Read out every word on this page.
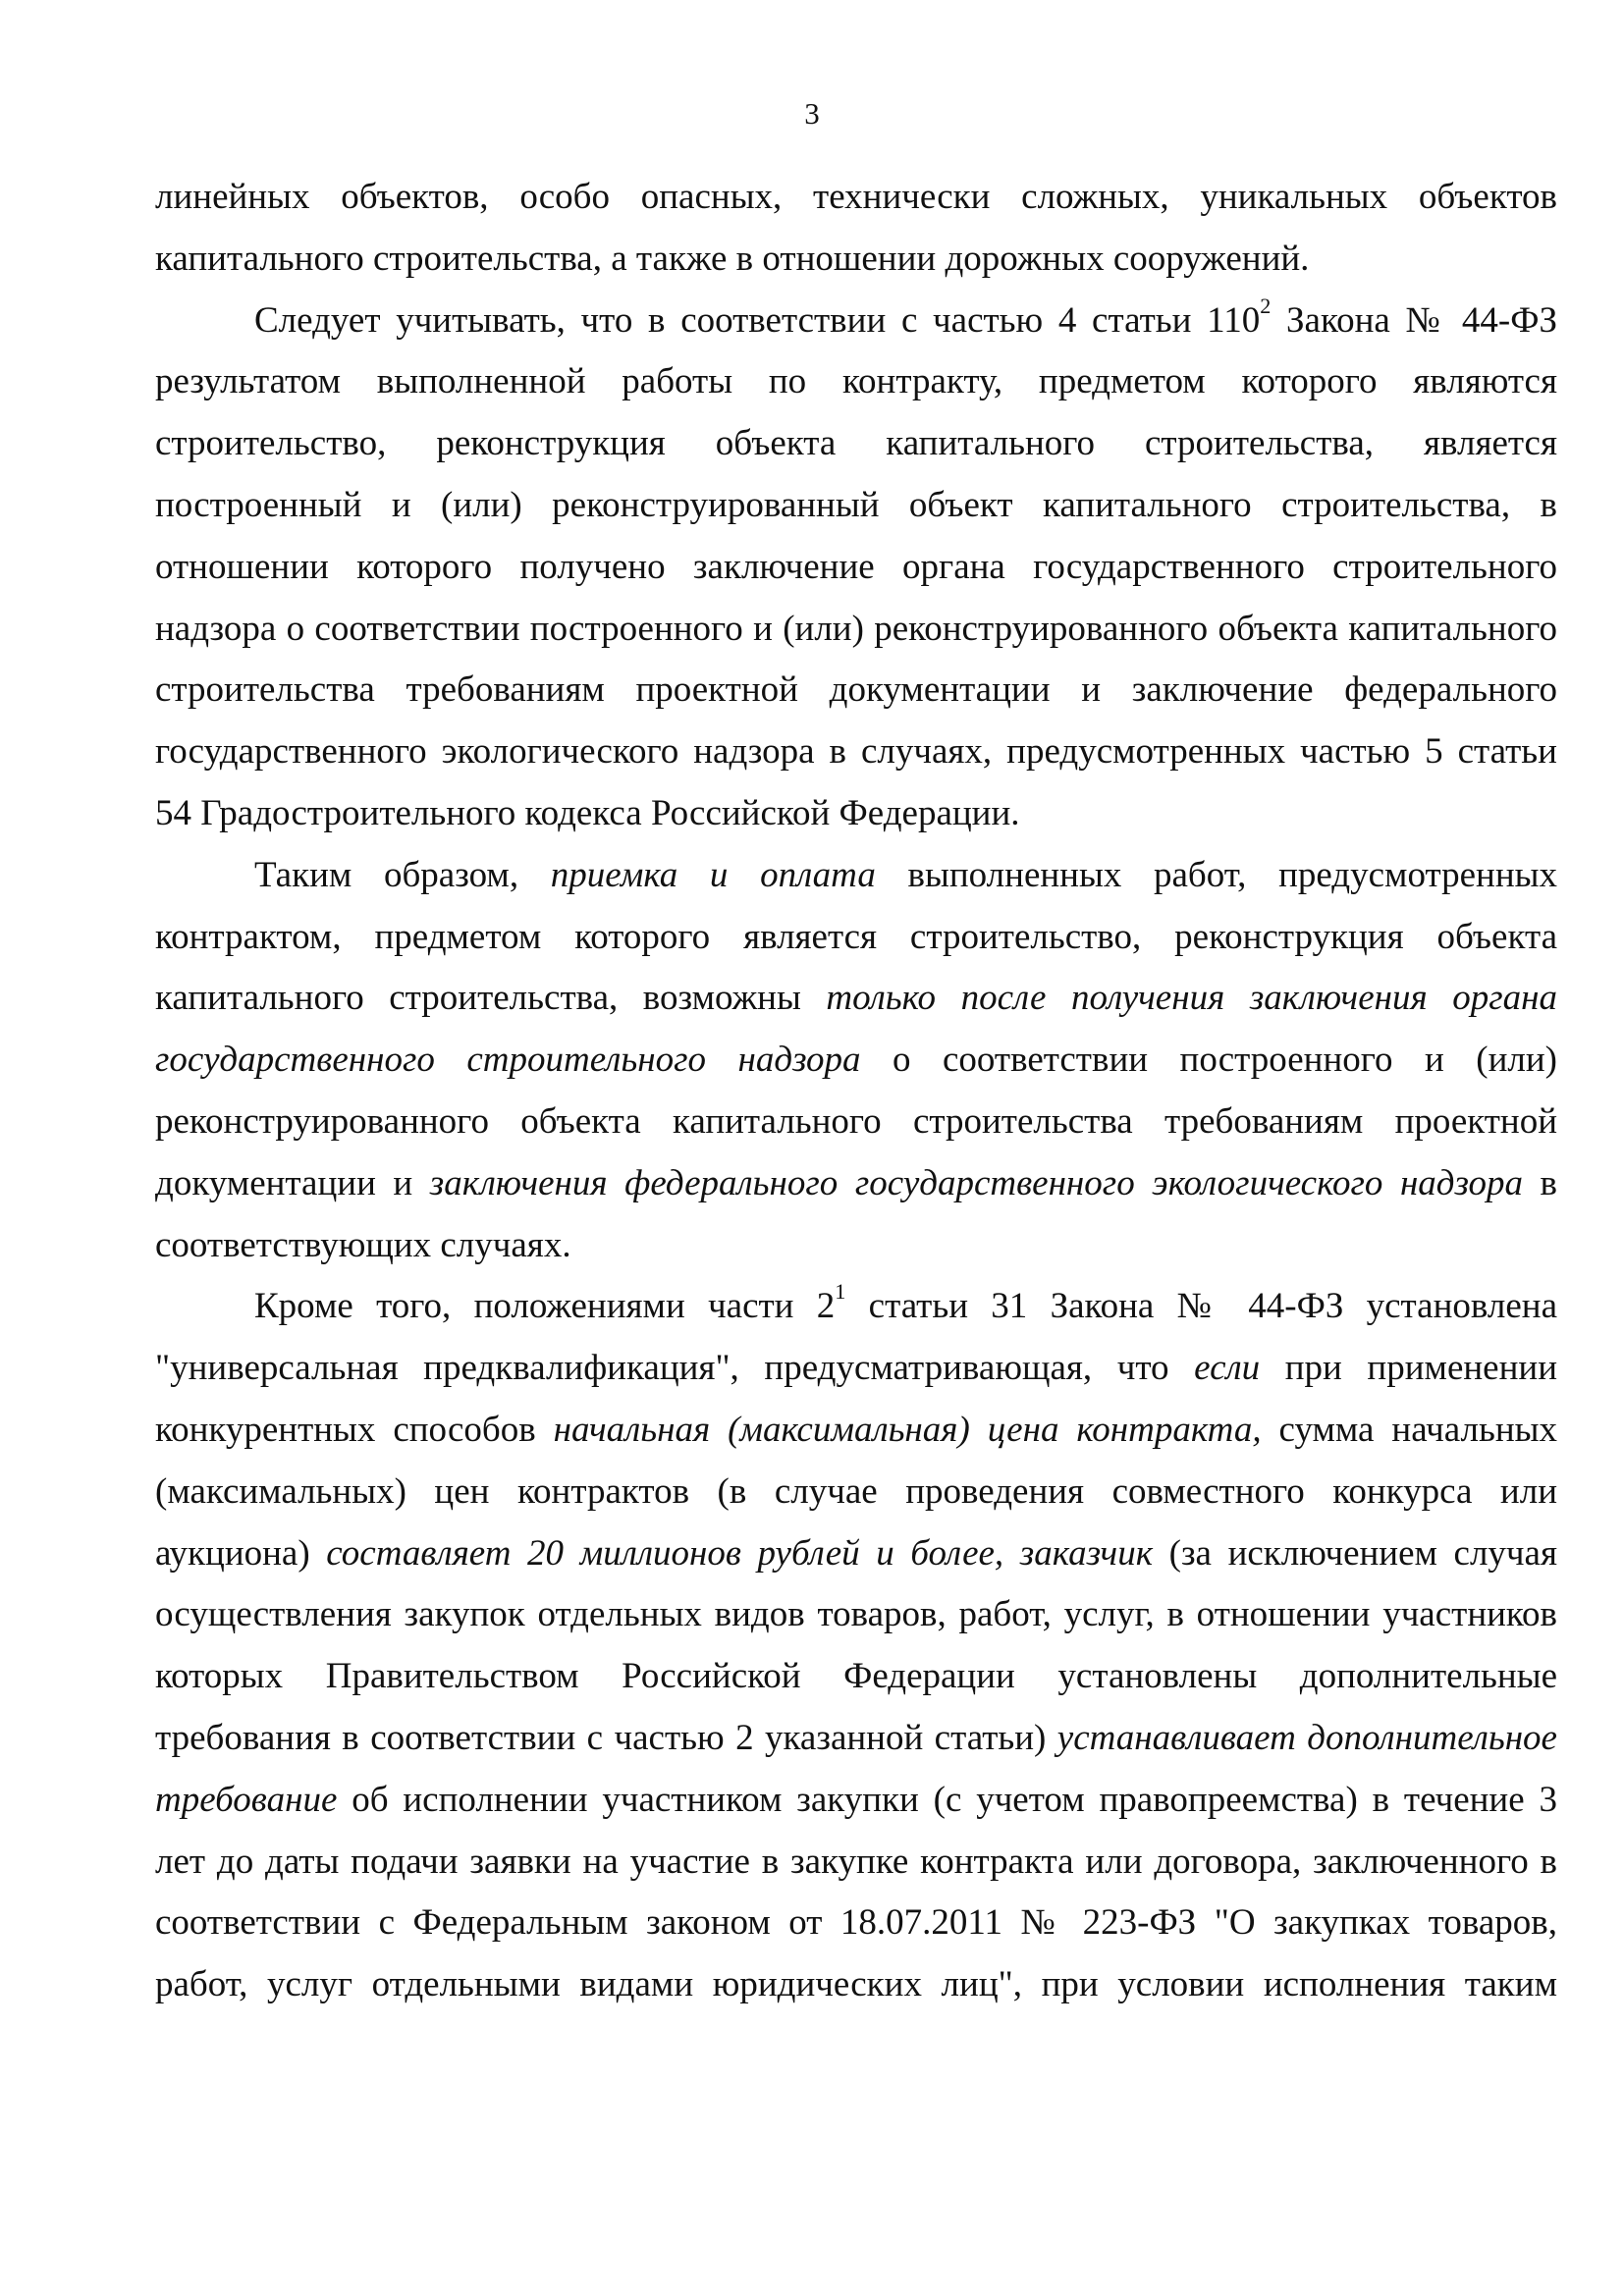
3

линейных объектов, особо опасных, технически сложных, уникальных объектов капитального строительства, а также в отношении дорожных сооружений.

Следует учитывать, что в соответствии с частью 4 статьи $110^2$ Закона № 44-ФЗ результатом выполненной работы по контракту, предметом которого являются строительство, реконструкция объекта капитального строительства, является построенный и (или) реконструированный объект капитального строительства, в отношении которого получено заключение органа государственного строительного надзора о соответствии построенного и (или) реконструированного объекта капитального строительства требованиям проектной документации и заключение федерального государственного экологического надзора в случаях, предусмотренных частью 5 статьи 54 Градостроительного кодекса Российской Федерации.

Таким образом, приемка и оплата выполненных работ, предусмотренных контрактом, предметом которого является строительство, реконструкция объекта капитального строительства, возможны только после получения заключения органа государственного строительного надзора о соответствии построенного и (или) реконструированного объекта капитального строительства требованиям проектной документации и заключения федерального государственного экологического надзора в соответствующих случаях.

Кроме того, положениями части $2^1$ статьи 31 Закона № 44-ФЗ установлена "универсальная предквалификация", предусматривающая, что если при применении конкурентных способов начальная (максимальная) цена контракта, сумма начальных (максимальных) цен контрактов (в случае проведения совместного конкурса или аукциона) составляет 20 миллионов рублей и более, заказчик (за исключением случая осуществления закупок отдельных видов товаров, работ, услуг, в отношении участников которых Правительством Российской Федерации установлены дополнительные требования в соответствии с частью 2 указанной статьи) устанавливает дополнительное требование об исполнении участником закупки (с учетом правопреемства) в течение 3 лет до даты подачи заявки на участие в закупке контракта или договора, заключенного в соответствии с Федеральным законом от 18.07.2011 № 223-ФЗ "О закупках товаров, работ, услуг отдельными видами юридических лиц", при условии исполнения таким
